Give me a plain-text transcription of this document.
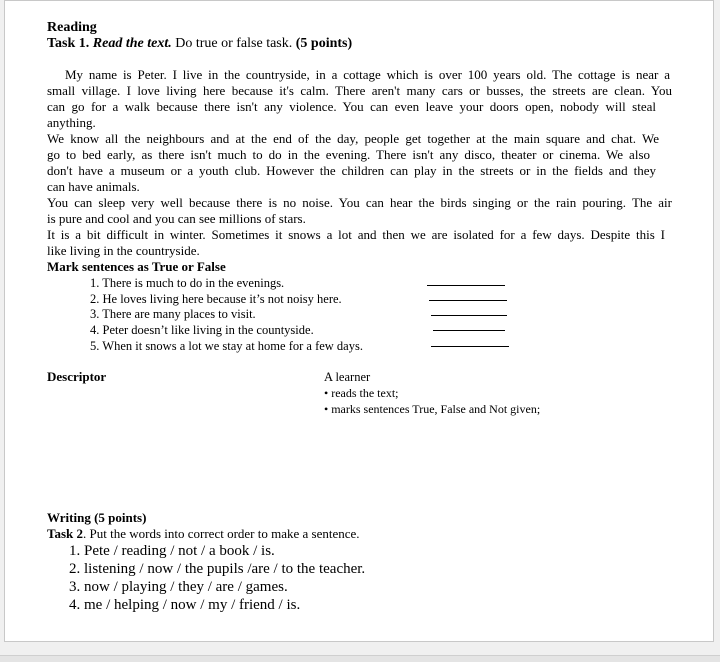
Reading
Task 1. Read the text. Do true or false task. (5 points)
My name is Peter. I live in the countryside, in a cottage which is over 100 years old. The cottage is near a
small village. I love living here because it's calm. There aren't many cars or busses, the streets are clean. You
can go for a walk because there isn't any violence. You can even leave your doors open, nobody will steal
anything.
We know all the neighbours and at the end of the day, people get together at the main square and chat. We
go to bed early, as there isn't much to do in the evening. There isn't any disco, theater or cinema. We also
don't have a museum or a youth club. However the children can play in the streets or in the fields and they
can have animals.
You can sleep very well because there is no noise. You can hear the birds singing or the rain pouring. The air
is pure and cool and you can see millions of stars.
It is a bit difficult in winter. Sometimes it snows a lot and then we are isolated for a few days. Despite this I
like living in the countryside.
Mark sentences as True or False
1. There is much to do in the evenings.
2. He loves living here because it’s not noisy here.
3. There are many places to visit.
4. Peter doesn’t like living in the countyside.
5. When it snows a lot we stay at home for a few days.
Descriptor	A learner
• reads the text;
• marks sentences True, False and Not given;
Writing (5 points)
Task 2. Put the words into correct order to make a sentence.
1. Pete / reading / not / a book / is.
2. listening / now / the pupils /are / to the teacher.
3. now / playing / they / are / games.
4. me / helping / now / my / friend / is.
